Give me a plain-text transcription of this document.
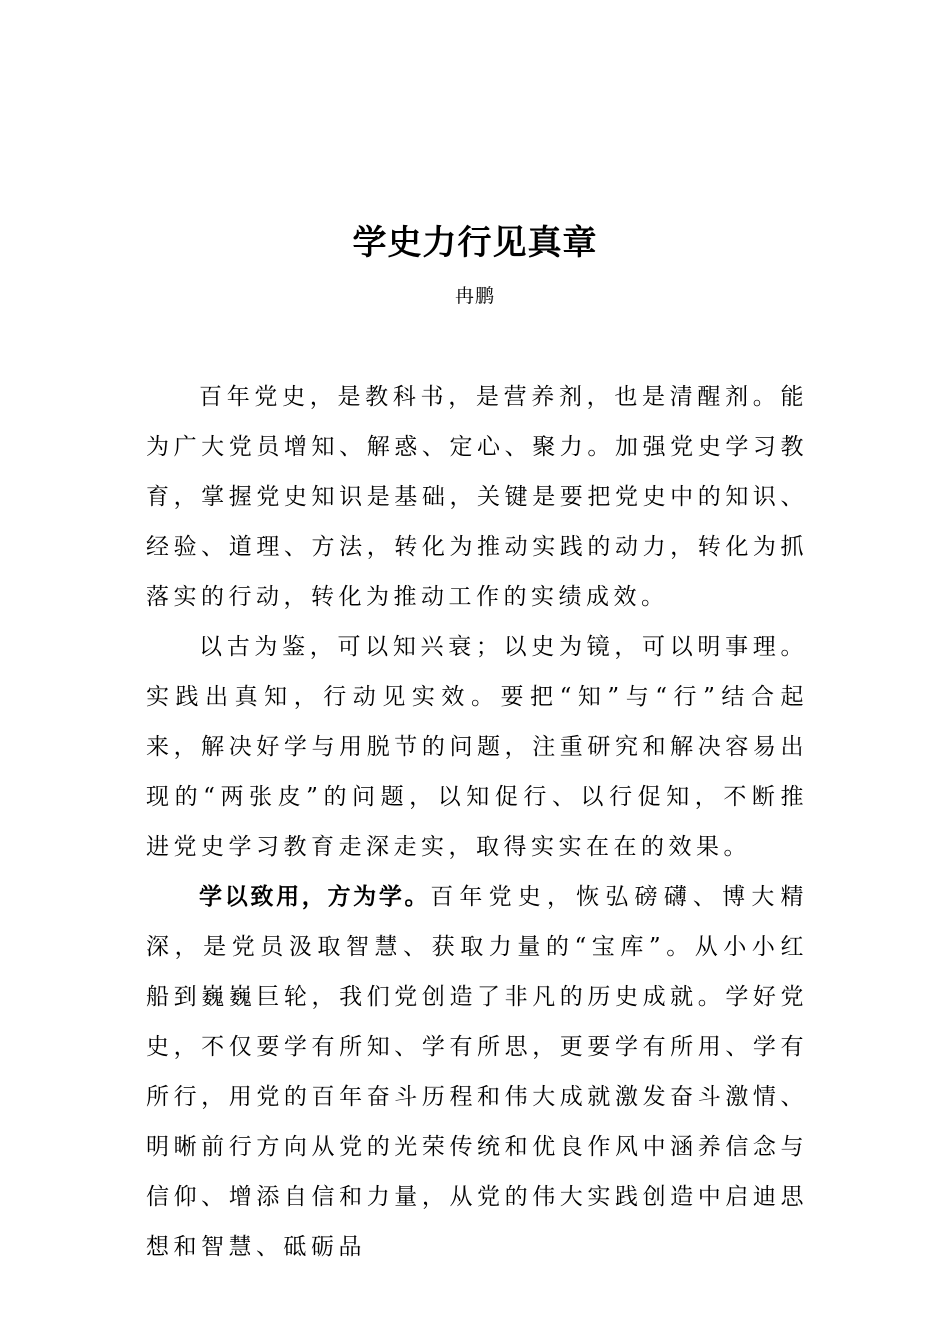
学史力行见真章
冉鹏

百年党史，是教科书，是营养剂，也是清醒剂。能为广大党员增知、解惑、定心、聚力。加强党史学习教育，掌握党史知识是基础，关键是要把党史中的知识、经验、道理、方法，转化为推动实践的动力，转化为抓落实的行动，转化为推动工作的实绩成效。

以古为鉴，可以知兴衰；以史为镜，可以明事理。实践出真知，行动见实效。要把“知”与“行”结合起来，解决好学与用脱节的问题，注重研究和解决容易出现的“两张皮”的问题，以知促行、以行促知，不断推进党史学习教育走深走实，取得实实在在的效果。

学以致用，方为学。百年党史，恢弘磅礴、博大精深，是党员汲取智慧、获取力量的“宝库”。从小小红船到巍巍巨轮，我们党创造了非凡的历史成就。学好党史，不仅要学有所知、学有所思，更要学有所用、学有所行，用党的百年奋斗历程和伟大成就激发奋斗激情、明晰前行方向从党的光荣传统和优良作风中涵养信念与信仰、增添自信和力量，从党的伟大实践创造中启迪思想和智慧、砥砺品
